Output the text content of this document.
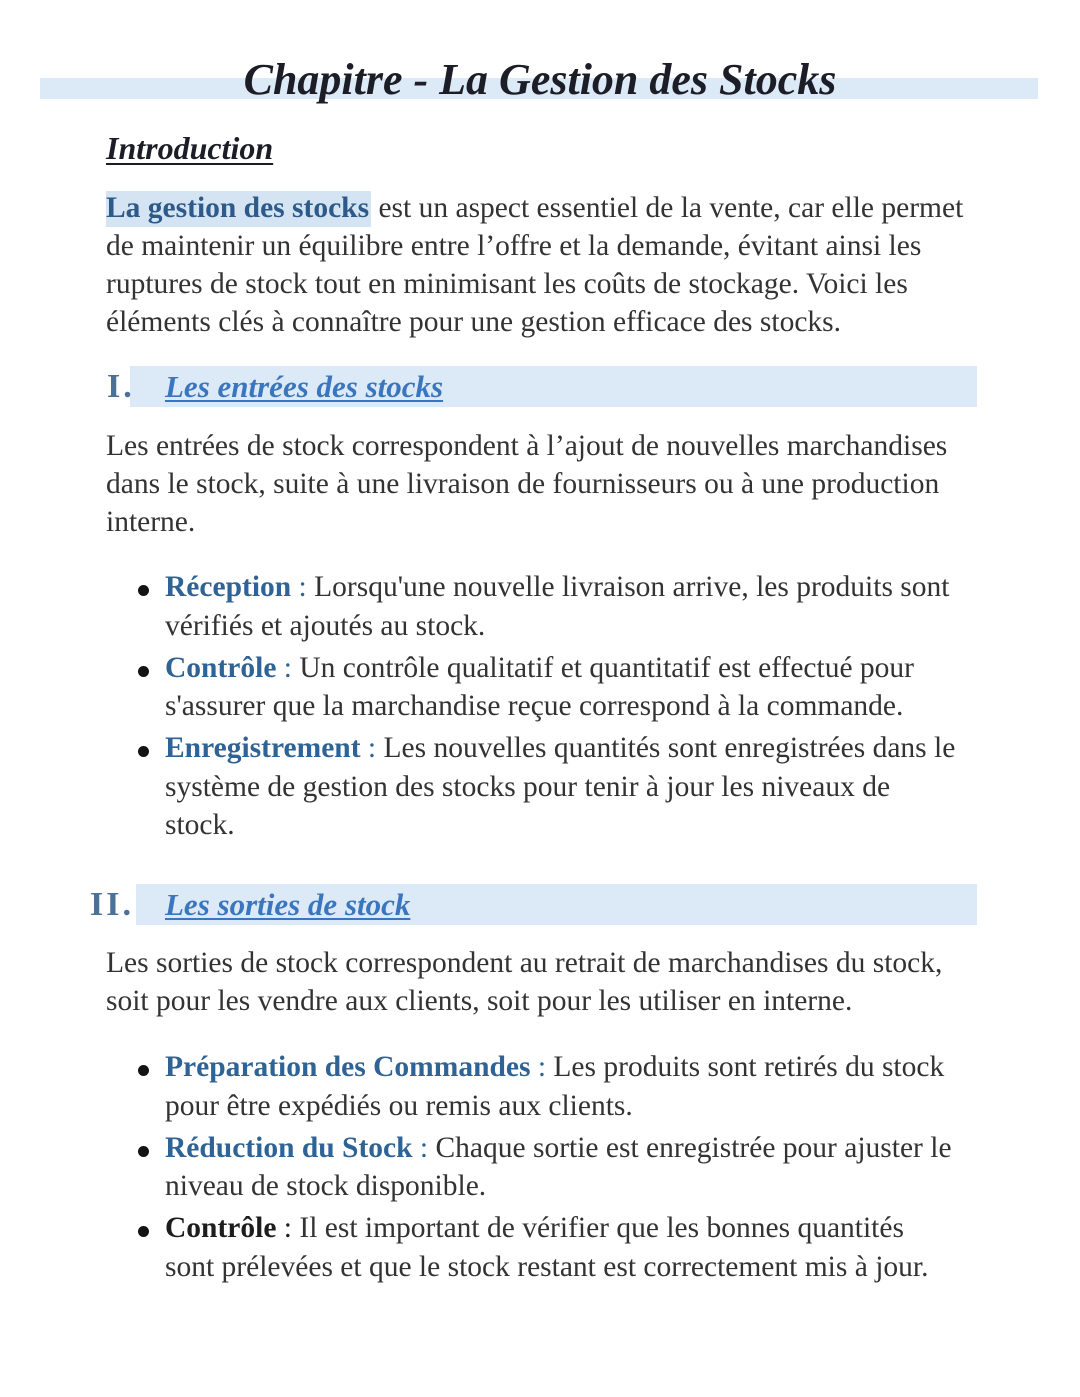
Chapitre - La Gestion des Stocks
Introduction
La gestion des stocks est un aspect essentiel de la vente, car elle permet
de maintenir un équilibre entre l’offre et la demande, évitant ainsi les
ruptures de stock tout en minimisant les coûts de stockage. Voici les
éléments clés à connaître pour une gestion efficace des stocks.
I. Les entrées des stocks
Les entrées de stock correspondent à l’ajout de nouvelles marchandises
dans le stock, suite à une livraison de fournisseurs ou à une production
interne.
Réception : Lorsqu'une nouvelle livraison arrive, les produits sont
vérifiés et ajoutés au stock.
Contrôle : Un contrôle qualitatif et quantitatif est effectué pour
s'assurer que la marchandise reçue correspond à la commande.
Enregistrement : Les nouvelles quantités sont enregistrées dans le
système de gestion des stocks pour tenir à jour les niveaux de
stock.
II. Les sorties de stock
Les sorties de stock correspondent au retrait de marchandises du stock,
soit pour les vendre aux clients, soit pour les utiliser en interne.
Préparation des Commandes : Les produits sont retirés du stock
pour être expédiés ou remis aux clients.
Réduction du Stock : Chaque sortie est enregistrée pour ajuster le
niveau de stock disponible.
Contrôle : Il est important de vérifier que les bonnes quantités
sont prélevées et que le stock restant est correctement mis à jour.
